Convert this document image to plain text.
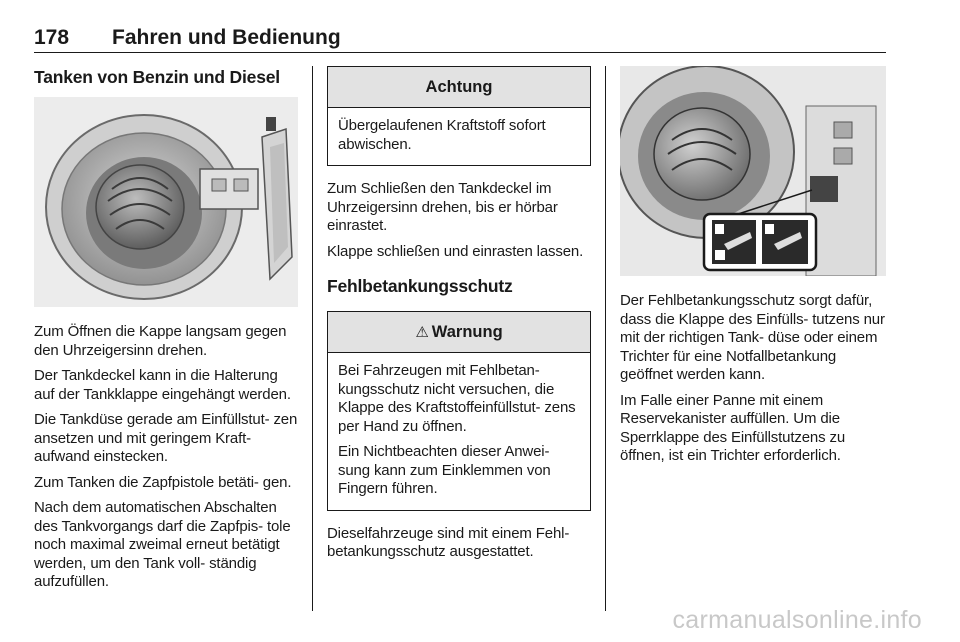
178 Fahren und Bedienung
Tanken von Benzin und Diesel

Zum Öffnen die Kappe langsam gegen den Uhrzeigersinn drehen.

Der Tankdeckel kann in die Halterung auf der Tankklappe eingehängt werden.

Die Tankdüse gerade am Einfüllstut‐ zen ansetzen und mit geringem Kraft‐ aufwand einstecken.

Zum Tanken die Zapfpistole betäti‐ gen.

Nach dem automatischen Abschalten des Tankvorgangs darf die Zapfpis‐ tole noch maximal zweimal erneut betätigt werden, um den Tank voll‐ ständig aufzufüllen.

Achtung

Übergelaufenen Kraftstoff sofort abwischen.

Zum Schließen den Tankdeckel im Uhrzeigersinn drehen, bis er hörbar einrastet.

Klappe schließen und einrasten lassen.

Fehlbetankungsschutz
⚠ Warnung

Bei Fahrzeugen mit Fehlbetan‐ kungsschutz nicht versuchen, die Klappe des Kraftstoffeinfüllstut‐ zens per Hand zu öffnen.

Ein Nichtbeachten dieser Anwei‐ sung kann zum Einklemmen von Fingern führen.

Dieselfahrzeuge sind mit einem Fehl‐ betankungsschutz ausgestattet.

Der Fehlbetankungsschutz sorgt dafür, dass die Klappe des Einfülls‐ tutzens nur mit der richtigen Tank‐ düse oder einem Trichter für eine Notfallbetankung geöffnet werden kann.

Im Falle einer Panne mit einem Reservekanister auffüllen. Um die Sperrklappe des Einfüllstutzens zu öffnen, ist ein Trichter erforderlich.

carmanualsonline.info
